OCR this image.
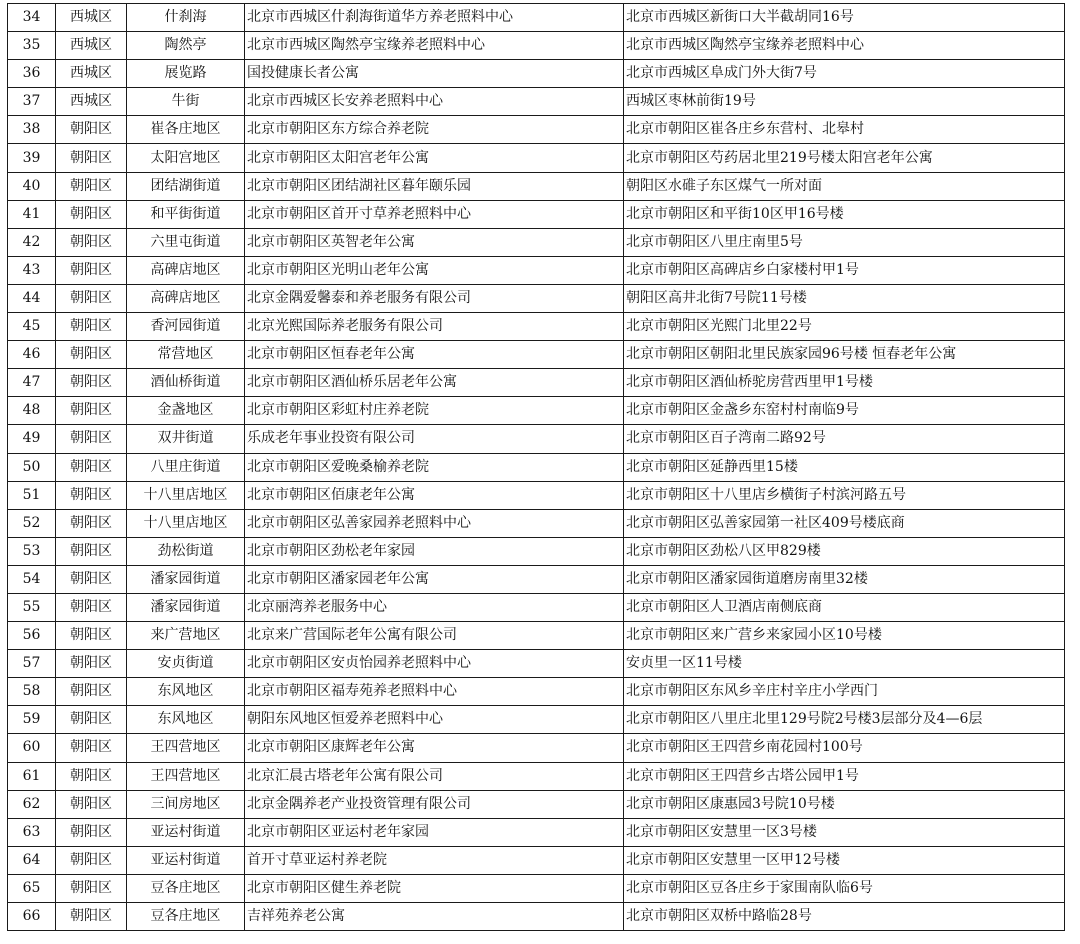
34	西城区	什刹海	北京市西城区什刹海街道华方养老照料中心	北京市西城区新街口大半截胡同16号
35	西城区	陶然亭	北京市西城区陶然亭宝缘养老照料中心	北京市西城区陶然亭宝缘养老照料中心
36	西城区	展览路	国投健康长者公寓	北京市西城区阜成门外大街7号
37	西城区	牛街	北京市西城区长安养老照料中心	西城区枣林前街19号
38	朝阳区	崔各庄地区	北京市朝阳区东方综合养老院	北京市朝阳区崔各庄乡东营村、北皋村
39	朝阳区	太阳宫地区	北京市朝阳区太阳宫老年公寓	北京市朝阳区芍药居北里219号楼太阳宫老年公寓
40	朝阳区	团结湖街道	北京市朝阳区团结湖社区暮年颐乐园	朝阳区水碓子东区煤气一所对面
41	朝阳区	和平街街道	北京市朝阳区首开寸草养老照料中心	北京市朝阳区和平街10区甲16号楼
42	朝阳区	六里屯街道	北京市朝阳区英智老年公寓	北京市朝阳区八里庄南里5号
43	朝阳区	高碑店地区	北京市朝阳区光明山老年公寓	北京市朝阳区高碑店乡白家楼村甲1号
44	朝阳区	高碑店地区	北京金隅爱馨泰和养老服务有限公司	朝阳区高井北街7号院11号楼
45	朝阳区	香河园街道	北京光熙国际养老服务有限公司	北京市朝阳区光熙门北里22号
46	朝阳区	常营地区	北京市朝阳区恒春老年公寓	北京市朝阳区朝阳北里民族家园96号楼 恒春老年公寓
47	朝阳区	酒仙桥街道	北京市朝阳区酒仙桥乐居老年公寓	北京市朝阳区酒仙桥驼房营西里甲1号楼
48	朝阳区	金盏地区	北京市朝阳区彩虹村庄养老院	北京市朝阳区金盏乡东窑村村南临9号
49	朝阳区	双井街道	乐成老年事业投资有限公司	北京市朝阳区百子湾南二路92号
50	朝阳区	八里庄街道	北京市朝阳区爱晚桑榆养老院	北京市朝阳区延静西里15楼
51	朝阳区	十八里店地区	北京市朝阳区佰康老年公寓	北京市朝阳区十八里店乡横街子村滨河路五号
52	朝阳区	十八里店地区	北京市朝阳区弘善家园养老照料中心	北京市朝阳区弘善家园第一社区409号楼底商
53	朝阳区	劲松街道	北京市朝阳区劲松老年家园	北京市朝阳区劲松八区甲829楼
54	朝阳区	潘家园街道	北京市朝阳区潘家园老年公寓	北京市朝阳区潘家园街道磨房南里32楼
55	朝阳区	潘家园街道	北京丽湾养老服务中心	北京市朝阳区人卫酒店南侧底商
56	朝阳区	来广营地区	北京来广营国际老年公寓有限公司	北京市朝阳区来广营乡来家园小区10号楼
57	朝阳区	安贞街道	北京市朝阳区安贞怡园养老照料中心	安贞里一区11号楼
58	朝阳区	东风地区	北京市朝阳区福寿苑养老照料中心	北京市朝阳区东风乡辛庄村辛庄小学西门
59	朝阳区	东风地区	朝阳东风地区恒爱养老照料中心	北京市朝阳区八里庄北里129号院2号楼3层部分及4—6层
60	朝阳区	王四营地区	北京市朝阳区康辉老年公寓	北京市朝阳区王四营乡南花园村100号
61	朝阳区	王四营地区	北京汇晨古塔老年公寓有限公司	北京市朝阳区王四营乡古塔公园甲1号
62	朝阳区	三间房地区	北京金隅养老产业投资管理有限公司	北京市朝阳区康惠园3号院10号楼
63	朝阳区	亚运村街道	北京市朝阳区亚运村老年家园	北京市朝阳区安慧里一区3号楼
64	朝阳区	亚运村街道	首开寸草亚运村养老院	北京市朝阳区安慧里一区甲12号楼
65	朝阳区	豆各庄地区	北京市朝阳区健生养老院	北京市朝阳区豆各庄乡于家围南队临6号
66	朝阳区	豆各庄地区	吉祥苑养老公寓	北京市朝阳区双桥中路临28号
